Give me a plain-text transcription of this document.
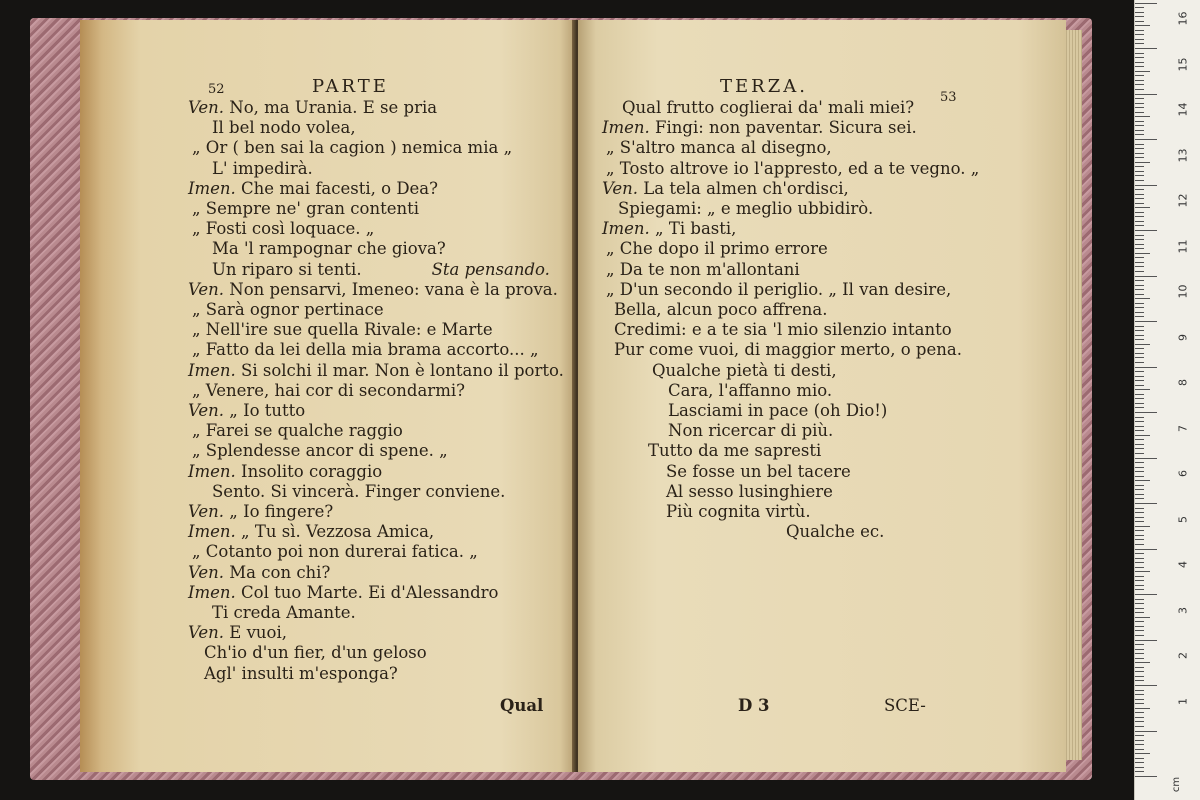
52	PARTE
Ven. No, ma Urania. E se pria
Il bel nodo volea,
„ Or ( ben sai la cagion ) nemica mia „
L' impedirà.
Imen. Che mai facesti, o Dea?
„ Sempre ne' gran contenti
„ Fosti così loquace. „
Ma 'l rampognar che giova?
Un riparo si tenti.	Sta pensando.
Ven. Non pensarvi, Imeneo: vana è la prova.
„ Sarà ognor pertinace
„ Nell'ire sue quella Rivale: e Marte
„ Fatto da lei della mia brama accorto... „
Imen. Si solchi il mar. Non è lontano il porto.
„ Venere, hai cor di secondarmi?
Ven. „ Io tutto
„ Farei se qualche raggio
„ Splendesse ancor di spene. „
Imen. Insolito coraggio
Sento. Si vincerà. Finger conviene.
Ven. „ Io fingere?
Imen. „ Tu sì. Vezzosa Amica,
„ Cotanto poi non durerai fatica. „
Ven. Ma con chi?
Imen. Col tuo Marte. Ei d'Alessandro
Ti creda Amante.
Ven. E vuoi,
Ch'io d'un fier, d'un geloso
Agl' insulti m'esponga?
Qual
TERZA.
53
Qual frutto coglierai da' mali miei?
Imen. Fingi: non paventar. Sicura sei.
„ S'altro manca al disegno,
„ Tosto altrove io l'appresto, ed a te vegno. „
Ven. La tela almen ch'ordisci,
Spiegami: „ e meglio ubbidirò.
Imen. „ Ti basti,
„ Che dopo il primo errore
„ Da te non m'allontani
„ D'un secondo il periglio. „ Il van desire,
Bella, alcun poco affrena.
Credimi: e a te sia 'l mio silenzio intanto
Pur come vuoi, di maggior merto, o pena.
Qualche pietà ti desti,
Cara, l'affanno mio.
Lasciami in pace (oh Dio!)
Non ricercar di più.
Tutto da me sapresti
Se fosse un bel tacere
Al sesso lusinghiere
Più cognita virtù.
Qualche ec.
D 3	SCE-	1
2
3
4
5
6
7
8
9
10
11
12
13
14
15
16
cm
